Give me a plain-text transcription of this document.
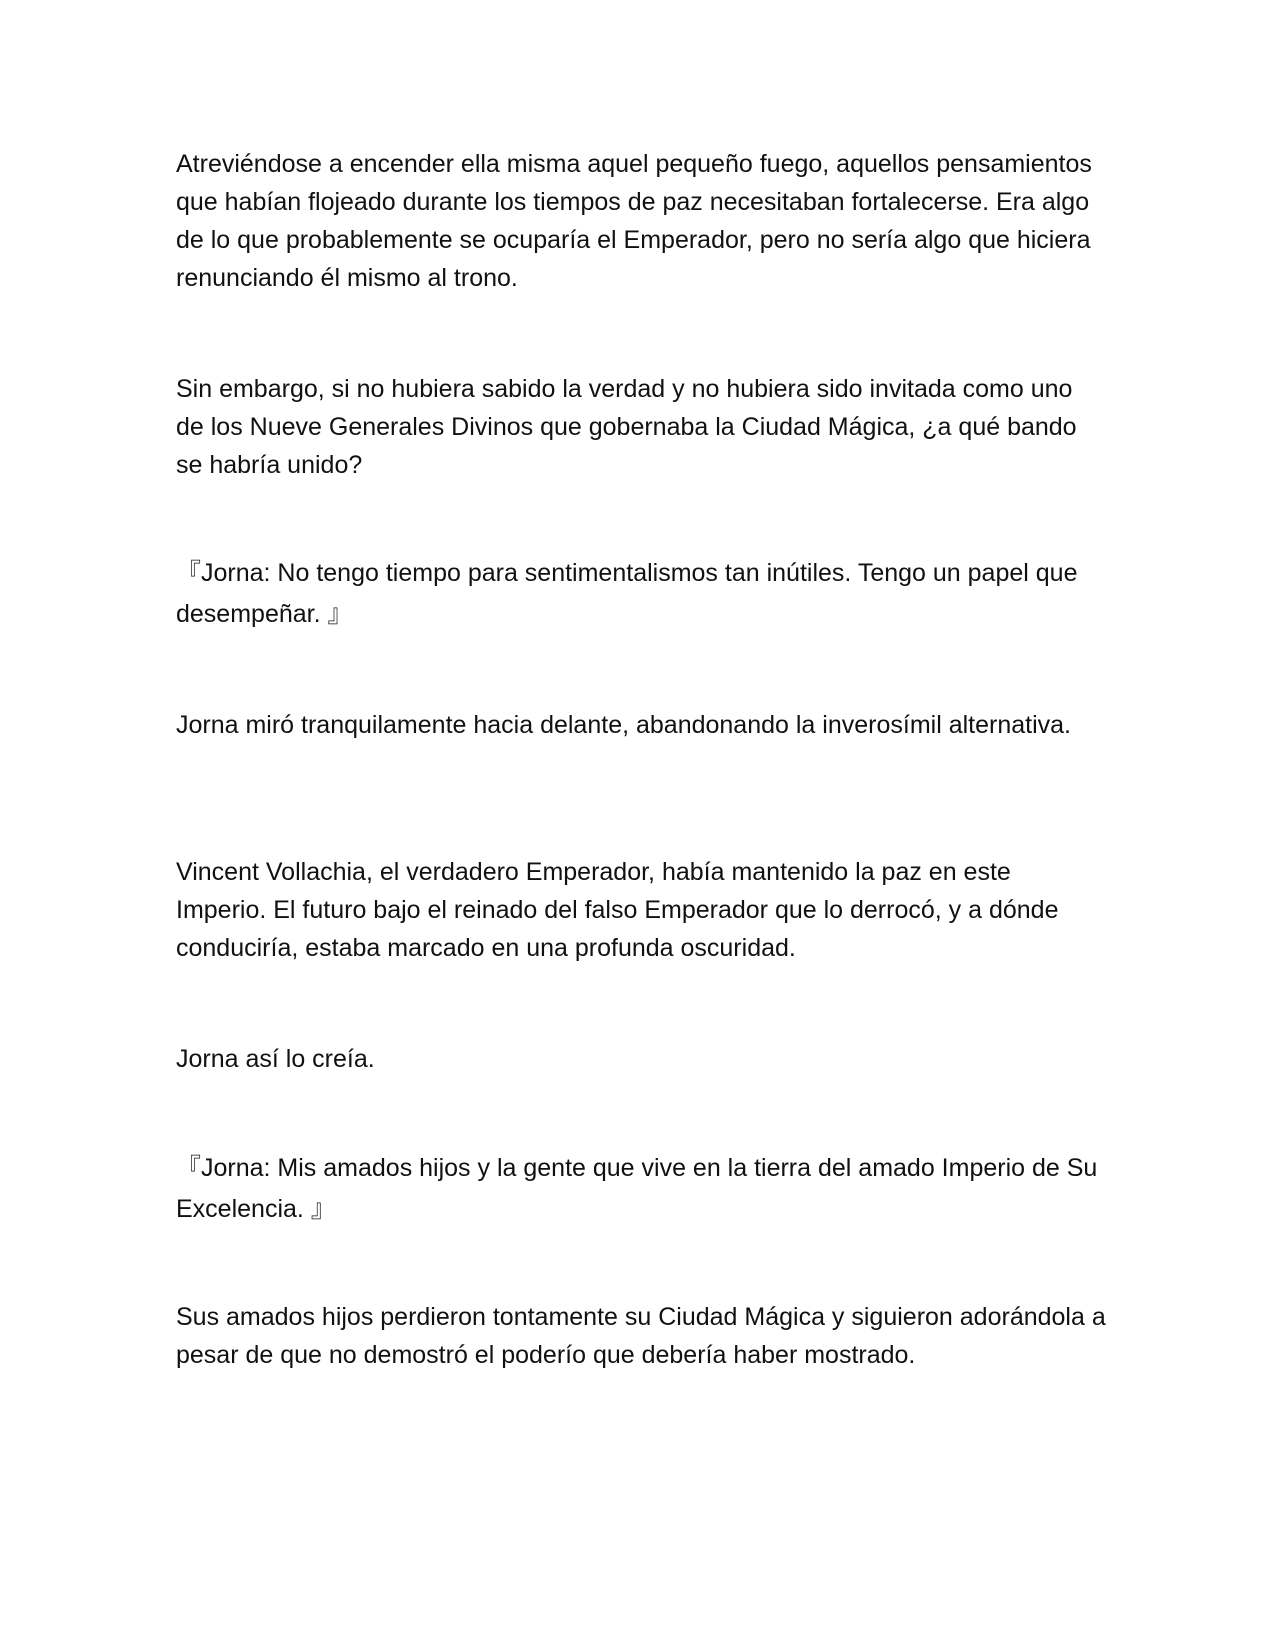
Atreviéndose a encender ella misma aquel pequeño fuego, aquellos pensamientos que habían flojeado durante los tiempos de paz necesitaban fortalecerse. Era algo de lo que probablemente se ocuparía el Emperador, pero no sería algo que hiciera renunciando él mismo al trono.

Sin embargo, si no hubiera sabido la verdad y no hubiera sido invitada como uno de los Nueve Generales Divinos que gobernaba la Ciudad Mágica, ¿a qué bando se habría unido?

『Jorna: No tengo tiempo para sentimentalismos tan inútiles. Tengo un papel que desempeñar. 』

Jorna miró tranquilamente hacia delante, abandonando la inverosímil alternativa.

Vincent Vollachia, el verdadero Emperador, había mantenido la paz en este Imperio. El futuro bajo el reinado del falso Emperador que lo derrocó, y a dónde conduciría, estaba marcado en una profunda oscuridad.

Jorna así lo creía.

『Jorna: Mis amados hijos y la gente que vive en la tierra del amado Imperio de Su Excelencia. 』

Sus amados hijos perdieron tontamente su Ciudad Mágica y siguieron adorándola a pesar de que no demostró el poderío que debería haber mostrado.
